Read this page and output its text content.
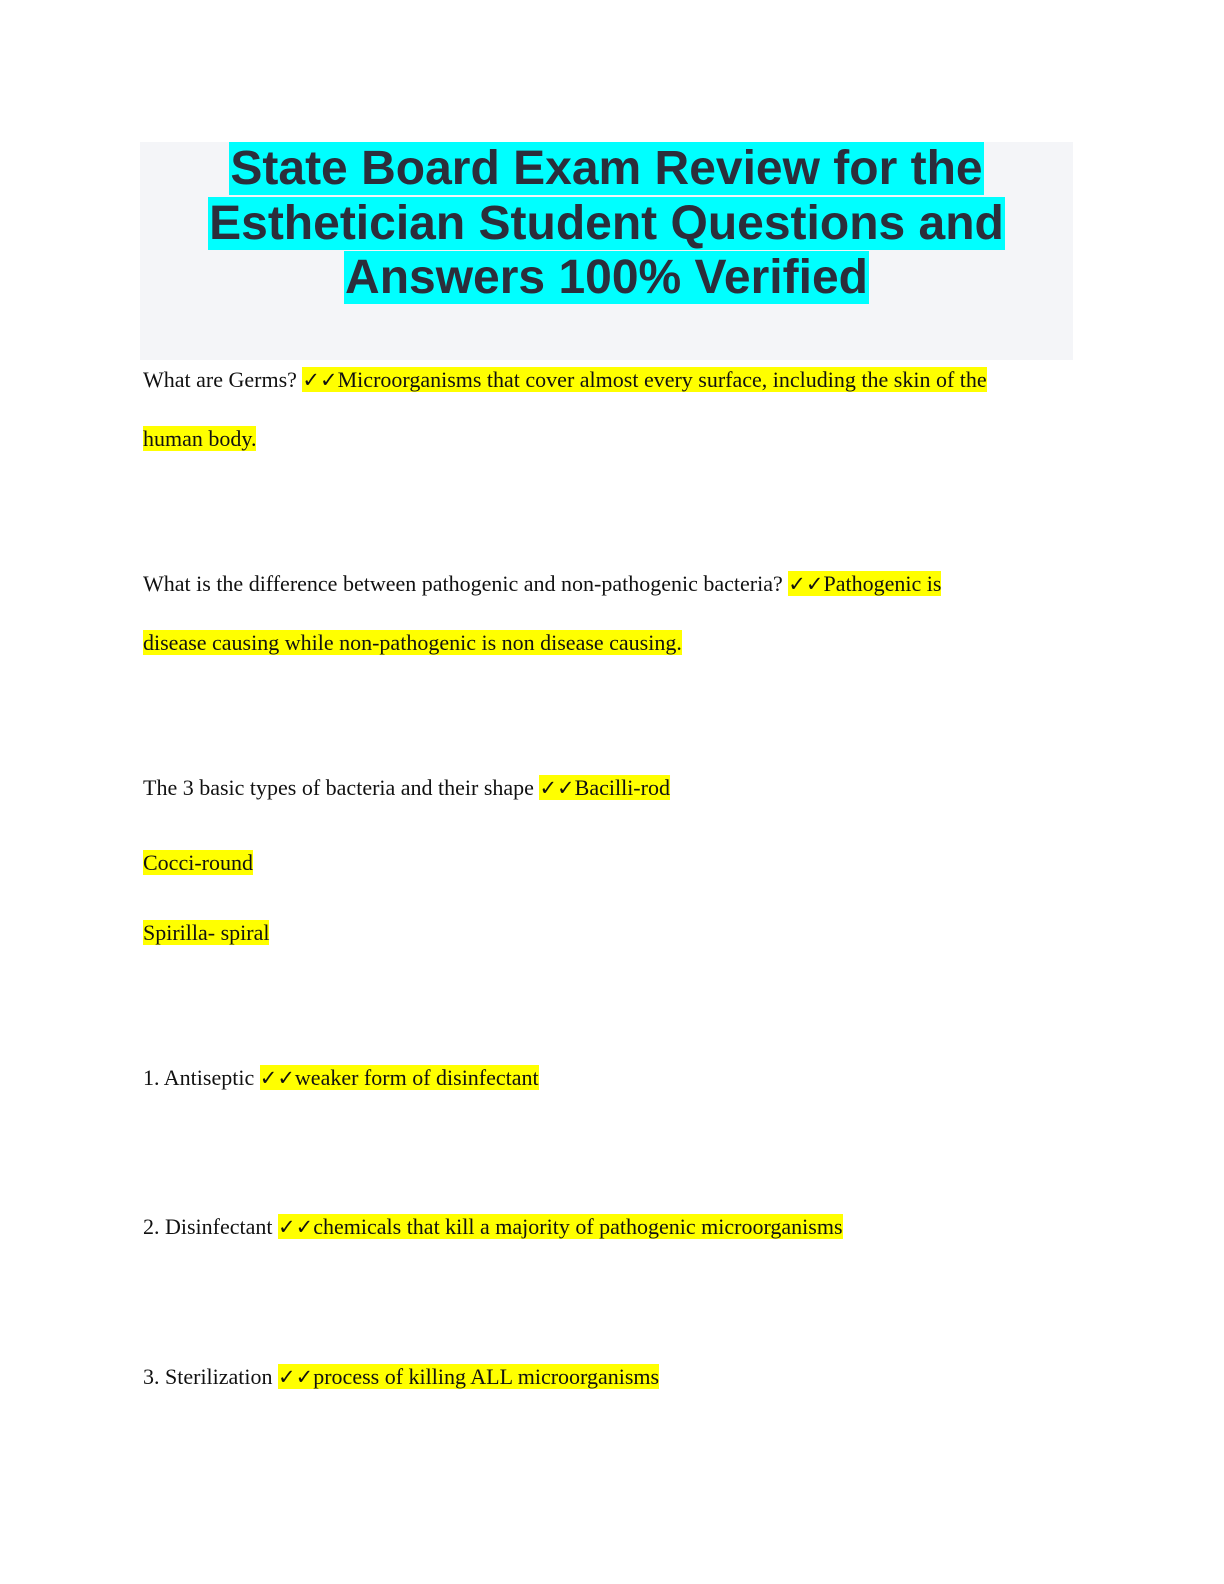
State Board Exam Review for the
Esthetician Student Questions and
Answers 100% Verified
What are Germs? ✓✓Microorganisms that cover almost every surface, including the skin of the
human body.
What is the difference between pathogenic and non-pathogenic bacteria? ✓✓Pathogenic is
disease causing while non-pathogenic is non disease causing.
The 3 basic types of bacteria and their shape ✓✓Bacilli-rod
Cocci-round
Spirilla- spiral
1. Antiseptic ✓✓weaker form of disinfectant
2. Disinfectant ✓✓chemicals that kill a majority of pathogenic microorganisms
3. Sterilization ✓✓process of killing ALL microorganisms
